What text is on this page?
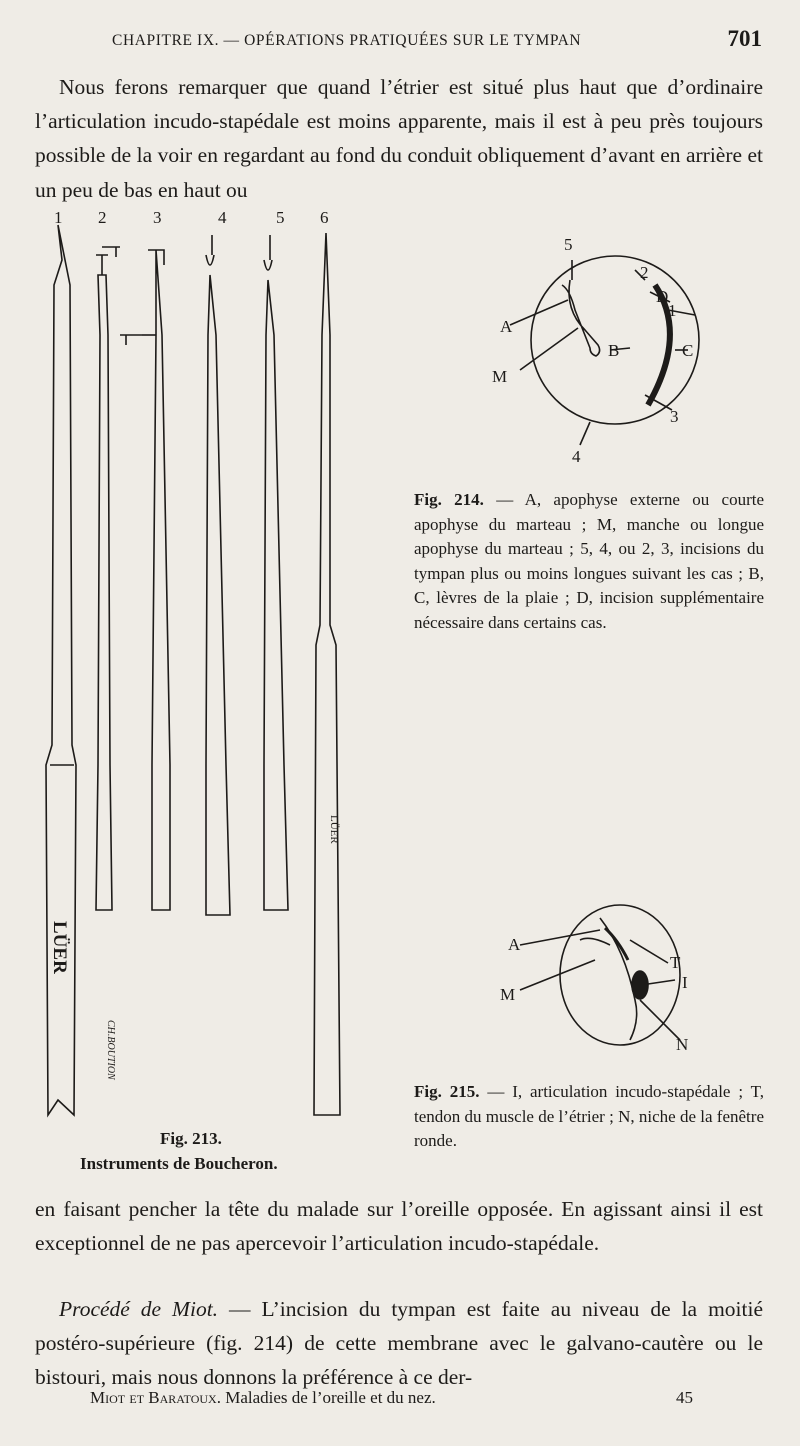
CHAPITRE IX. — OPÉRATIONS PRATIQUÉES SUR LE TYMPAN	701

Nous ferons remarquer que quand l’étrier est situé plus haut que d’ordinaire l’articulation incudo-stapédale est moins apparente, mais il est à peu près toujours possible de la voir en regardant au fond du conduit obliquement d’avant en arrière et un peu de bas en haut ou

1 2	3	4	5 6
LÜER
LÜER
CH.BOUTION
Fig. 213.
Instruments de Boucheron.
5
2
D
1
A
B	C
M
3
4
Fig. 214. — A, apophyse externe ou courte apophyse du marteau ; M, manche ou longue apophyse du marteau ; 5, 4, ou 2, 3, incisions du tympan plus ou moins longues suivant les cas ; B, C, lèvres de la plaie ; D, incision supplémentaire nécessaire dans certains cas.
A
T
I
M
N
Fig. 215. — I, articulation incudo-stapédale ; T, tendon du muscle de l’étrier ; N, niche de la fenêtre ronde.

en faisant pencher la tête du malade sur l’oreille opposée. En agissant ainsi il est exceptionnel de ne pas apercevoir l’articulation incudo-stapédale.

Procédé de Miot. — L’incision du tympan est faite au niveau de la moitié postéro-supérieure (fig. 214) de cette membrane avec le galvano-cautère ou le bistouri, mais nous donnons la préférence à ce der-

Miot et Baratoux. Maladies de l’oreille et du nez.	45
